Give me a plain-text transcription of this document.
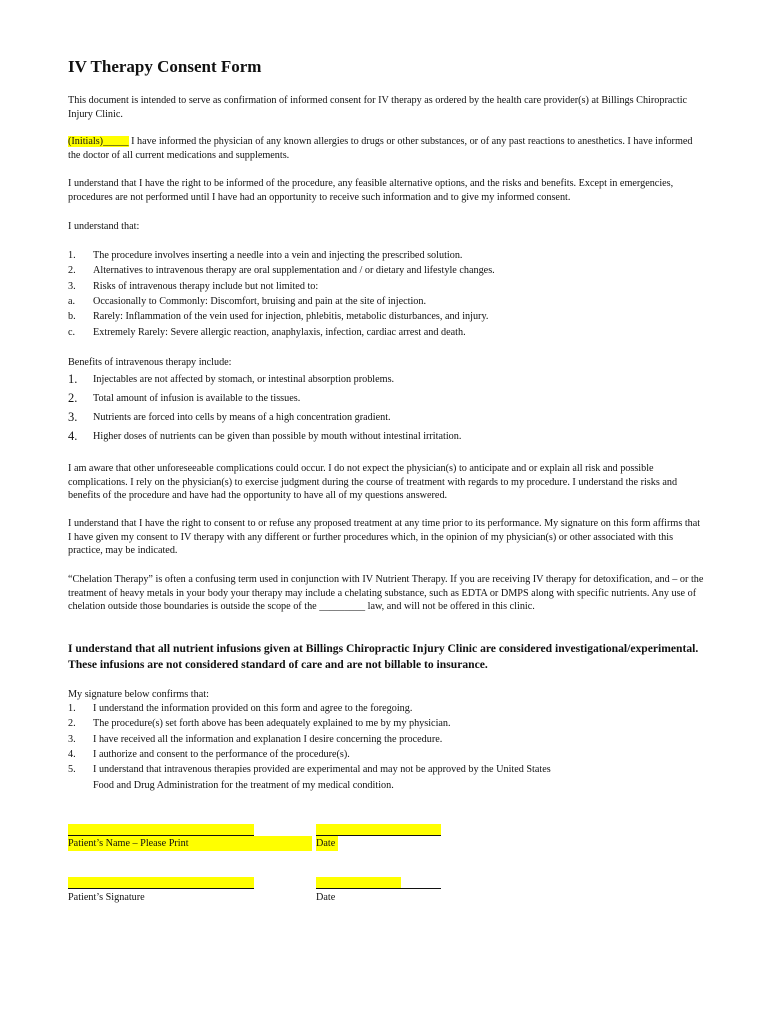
IV Therapy Consent Form
This document is intended to serve as confirmation of informed consent for IV therapy as ordered by the health care provider(s) at Billings Chiropractic Injury Clinic.
(Initials)_____ I have informed the physician of any known allergies to drugs or other substances, or of any past reactions to anesthetics. I have informed the doctor of all current medications and supplements.
I understand that I have the right to be informed of the procedure, any feasible alternative options, and the risks and benefits. Except in emergencies, procedures are not performed until I have had an opportunity to receive such information and to give my informed consent.
I understand that:
1. The procedure involves inserting a needle into a vein and injecting the prescribed solution.
2. Alternatives to intravenous therapy are oral supplementation and / or dietary and lifestyle changes.
3. Risks of intravenous therapy include but not limited to:
a. Occasionally to Commonly: Discomfort, bruising and pain at the site of injection.
b. Rarely: Inflammation of the vein used for injection, phlebitis, metabolic disturbances, and injury.
c. Extremely Rarely: Severe allergic reaction, anaphylaxis, infection, cardiac arrest and death.
Benefits of intravenous therapy include:
1. Injectables are not affected by stomach, or intestinal absorption problems.
2. Total amount of infusion is available to the tissues.
3. Nutrients are forced into cells by means of a high concentration gradient.
4. Higher doses of nutrients can be given than possible by mouth without intestinal irritation.
I am aware that other unforeseeable complications could occur. I do not expect the physician(s) to anticipate and or explain all risk and possible complications. I rely on the physician(s) to exercise judgment during the course of treatment with regards to my procedure. I understand the risks and benefits of the procedure and have had the opportunity to have all of my questions answered.
I understand that I have the right to consent to or refuse any proposed treatment at any time prior to its performance. My signature on this form affirms that I have given my consent to IV therapy with any different or further procedures which, in the opinion of my physician(s) or other associated with this practice, may be indicated.
“Chelation Therapy” is often a confusing term used in conjunction with IV Nutrient Therapy. If you are receiving IV therapy for detoxification, and – or the treatment of heavy metals in your body your therapy may include a chelating substance, such as EDTA or DMPS along with specific nutrients. Any use of chelation outside those boundaries is outside the scope of the _________ law, and will not be offered in this clinic.
I understand that all nutrient infusions given at Billings Chiropractic Injury Clinic are considered investigational/experimental. These infusions are not considered standard of care and are not billable to insurance.
My signature below confirms that:
1. I understand the information provided on this form and agree to the foregoing.
2. The procedure(s) set forth above has been adequately explained to me by my physician.
3. I have received all the information and explanation I desire concerning the procedure.
4. I authorize and consent to the performance of the procedure(s).
5. I understand that intravenous therapies provided are experimental and may not be approved by the United States
Food and Drug Administration for the treatment of my medical condition.
Patient’s Name – Please Print	Date
Patient’s Signature	Date
